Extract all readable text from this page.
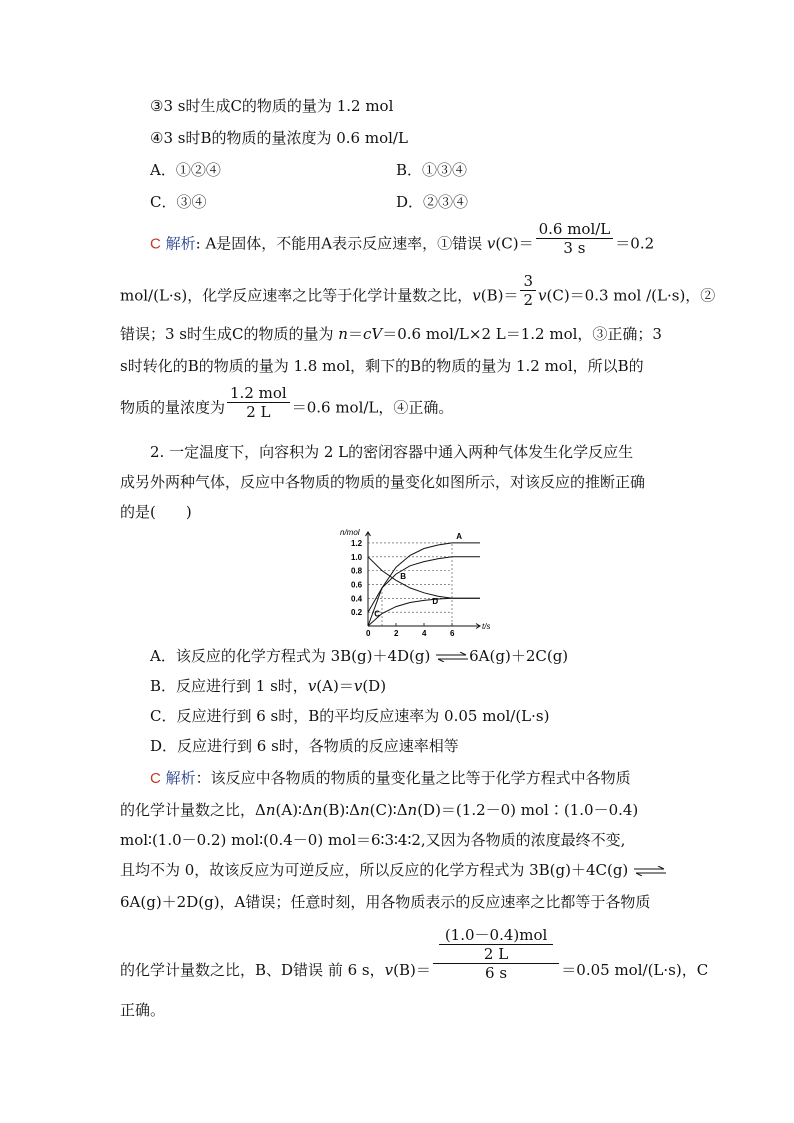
③3 s时生成C的物质的量为 1.2 mol
④3 s时B的物质的量浓度为 0.6 mol/L
A．①②④	B．①③④
C．③④	D．②③④
C 解析: A是固体，不能用A表示反应速率，①错误 $v(C)= \frac{\text{0.6 mol/L}}{3 s} =0.2$
mol/(L·s)，化学反应速率之比等于化学计量数之比，$v(B)= \frac{3}{2} v(C)=0.3$ mol /(L·s)，②
错误；3 s时生成C的物质的量为 n＝cV＝0.6 mol/L×2 L＝1.2 mol，③正确；3
s时转化的B的物质的量为 1.8 mol，剩下的B的物质的量为 1.2 mol，所以B的
物质的量浓度为 $\frac{\text{1.2 mol}}{2 L} =0.6$ mol/L，④正确。
2. 一定温度下，向容积为 2 L的密闭容器中通入两种气体发生化学反应生
成另外两种气体，反应中各物质的物质的量变化如图所示，对该反应的推断正确
的是(　　)
n/mol
t/s
1.2
1.0
0.8
0.6
0.4
0.2
0	2	4	6
A
B
C
D
A．该反应的化学方程式为 3B(g)＋4D(g) ⇌6A(g)＋2C(g)
B．反应进行到 1 s时，v(A)＝v(D)
C．反应进行到 6 s时，B的平均反应速率为 0.05 mol/(L·s)
D．反应进行到 6 s时，各物质的反应速率相等
C 解析：该反应中各物质的物质的量变化量之比等于化学方程式中各物质
的化学计量数之比，Δn(A)∶Δn(B)∶Δn(C)∶Δn(D)＝(1.2－0) mol∶(1.0－0.4)
mol∶(1.0－0.2) mol∶(0.4－0) mol＝6∶3∶4∶2,又因为各物质的浓度最终不变,
且均不为 0，故该反应为可逆反应，所以反应的化学方程式为 3B(g)＋4C(g) ⇌
6A(g)＋2D(g)，A错误；任意时刻，用各物质表示的反应速率之比都等于各物质
的化学计量数之比，B、D错误 前 6 s，$v(B)= \frac{\frac{\text{(1.0－0.4)mol}}{2 L}}{6 s} =0.05$ mol/(L·s)，C
正确。
